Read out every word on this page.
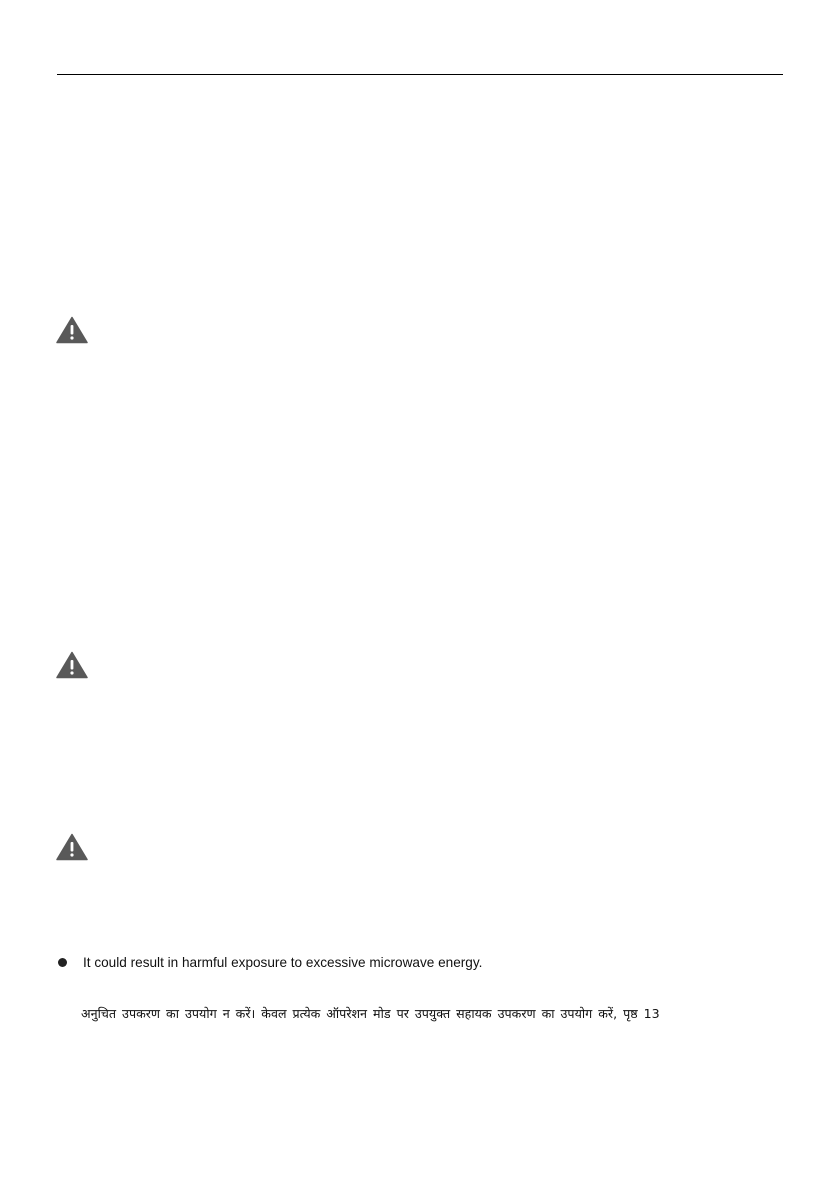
It could result in harmful exposure to excessive microwave energy.
अनुचित उपकरण का उपयोग न करें। केवल प्रत्येक ऑपरेशन मोड पर उपयुक्त सहायक उपकरण का उपयोग करें, पृष्ठ 13
